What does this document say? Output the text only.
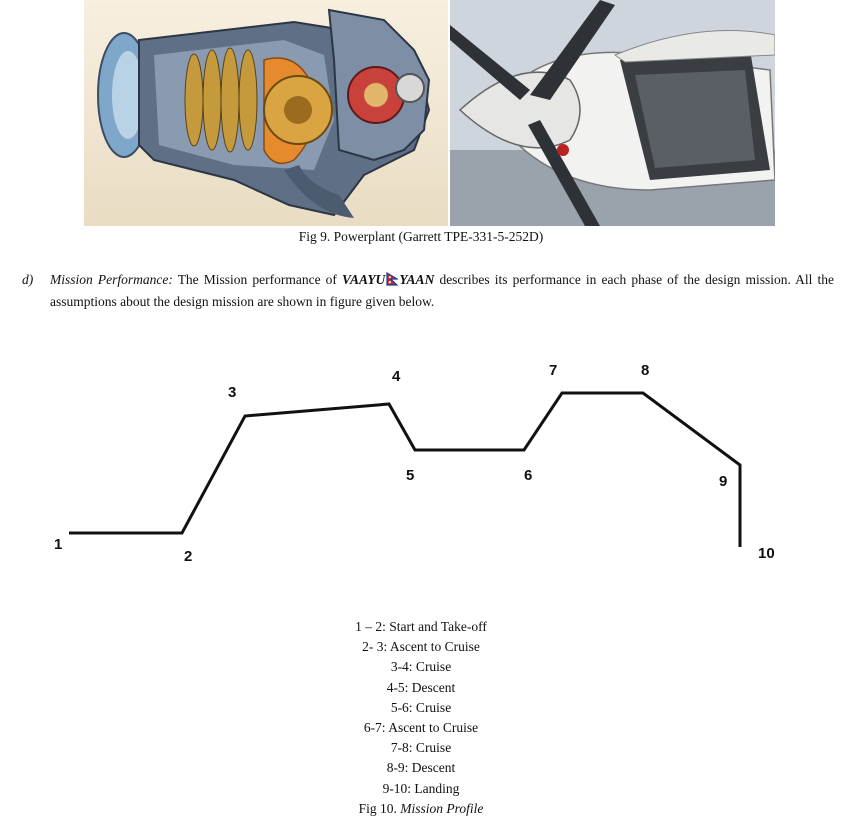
Fig 9. Powerplant (Garrett TPE-331-5-252D)
d) Mission Performance: The Mission performance of VAAYU YAAN describes its performance in each phase of the design mission. All the assumptions about the design mission are shown in figure given below.
1
2
3
4
5	6
7	8
9
10
1 – 2: Start and Take-off
2- 3: Ascent to Cruise
3-4: Cruise
4-5: Descent
5-6: Cruise
6-7: Ascent to Cruise
7-8: Cruise
8-9: Descent
9-10: Landing
Fig 10. Mission Profile
